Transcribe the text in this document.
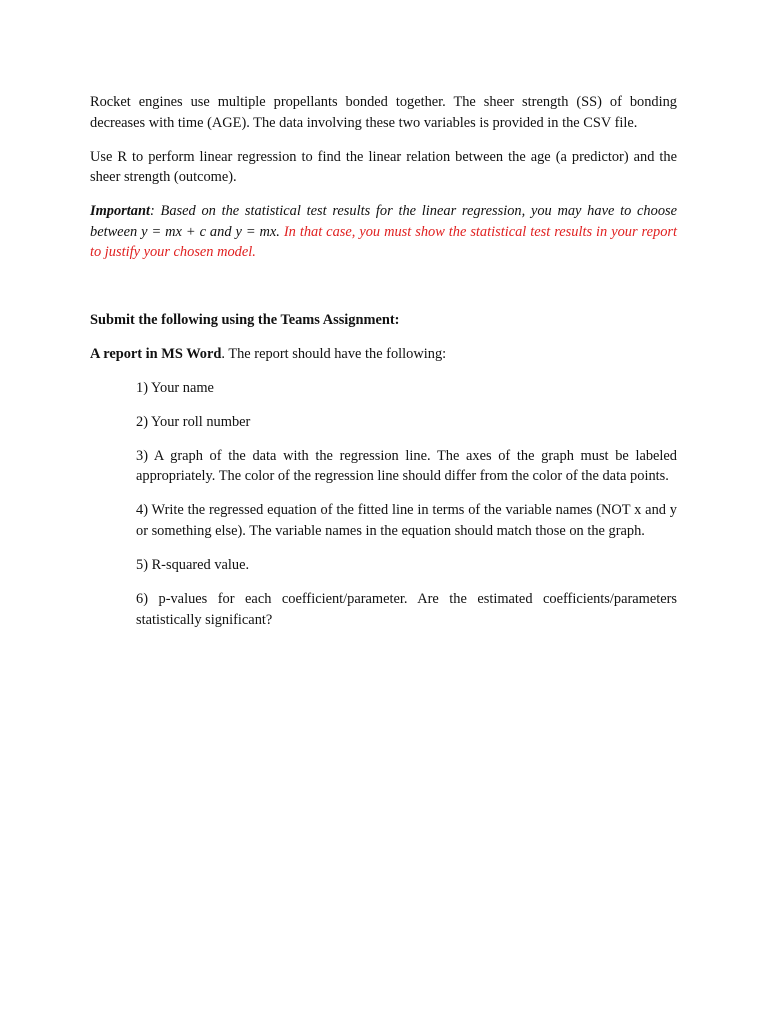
Rocket engines use multiple propellants bonded together. The sheer strength (SS) of bonding decreases with time (AGE). The data involving these two variables is provided in the CSV file.

Use R to perform linear regression to find the linear relation between the age (a predictor) and the sheer strength (outcome).

Important: Based on the statistical test results for the linear regression, you may have to choose between y = mx + c and y = mx. In that case, you must show the statistical test results in your report to justify your chosen model.

Submit the following using the Teams Assignment:

A report in MS Word. The report should have the following:

1) Your name
2) Your roll number
3) A graph of the data with the regression line. The axes of the graph must be labeled appropriately. The color of the regression line should differ from the color of the data points.
4) Write the regressed equation of the fitted line in terms of the variable names (NOT x and y or something else). The variable names in the equation should match those on the graph.
5) R-squared value.
6) p-values for each coefficient/parameter. Are the estimated coefficients/parameters statistically significant?
